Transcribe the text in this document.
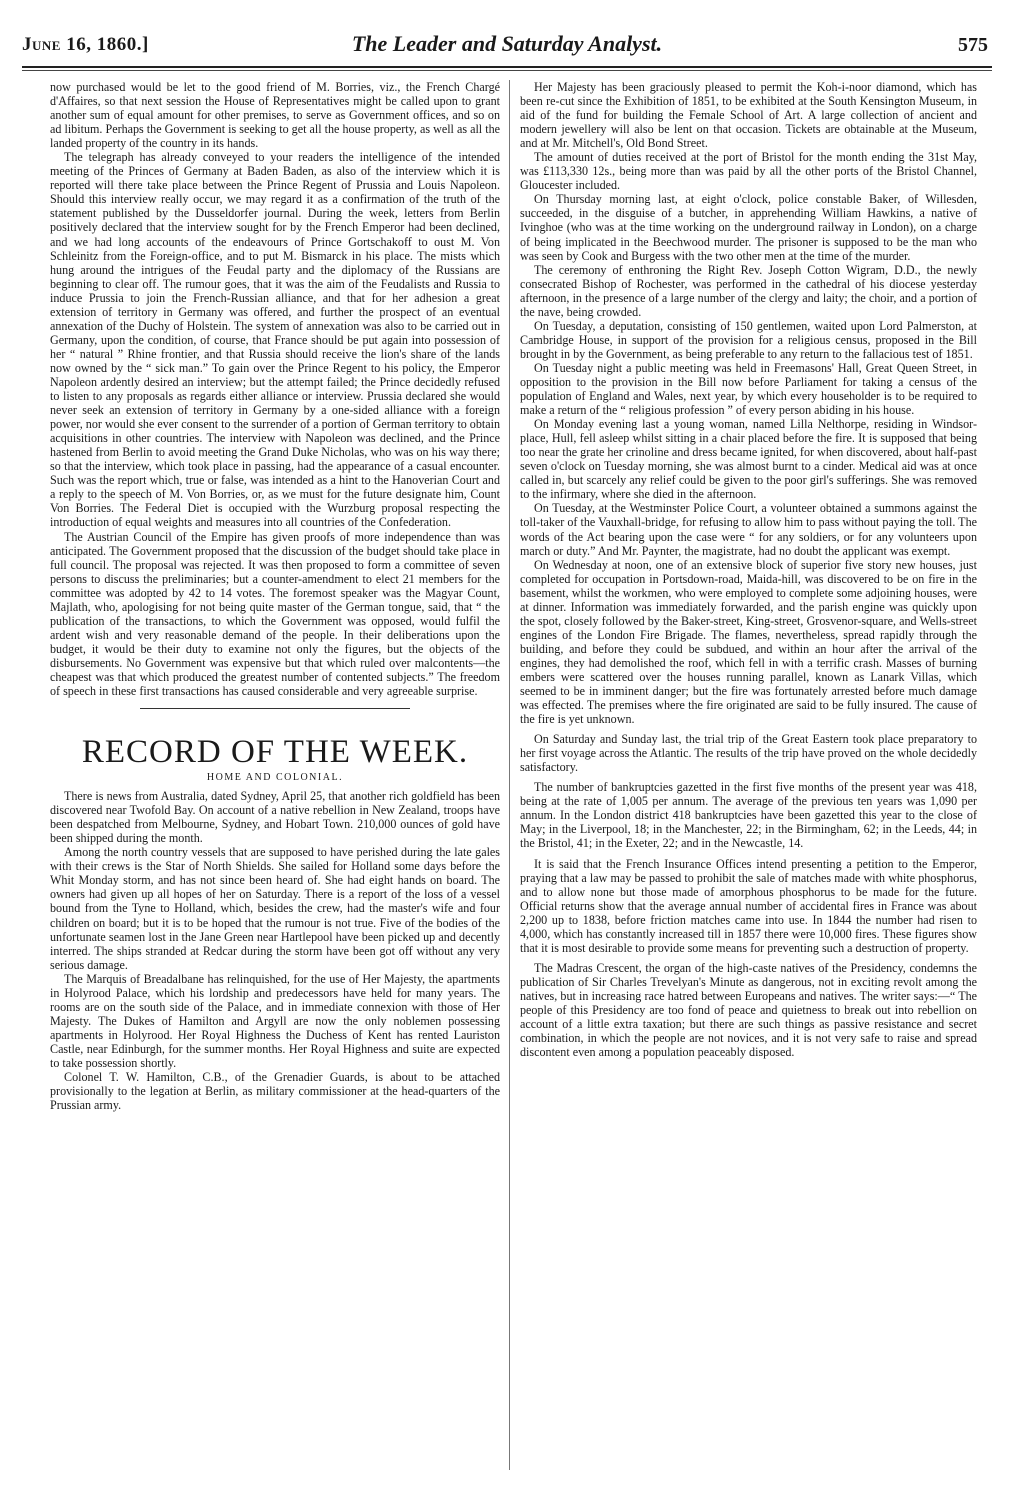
June 16, 1860.]	The Leader and Saturday Analyst.	575

now purchased would be let to the good friend of M. Borries, viz., the French Chargé d'Affaires, so that next session the House of Representatives might be called upon to grant another sum of equal amount for other premises, to serve as Government offices, and so on ad libitum. Perhaps the Government is seeking to get all the house property, as well as all the landed property of the country in its hands.

The telegraph has already conveyed to your readers the intelligence of the intended meeting of the Princes of Germany at Baden Baden, as also of the interview which it is reported will there take place between the Prince Regent of Prussia and Louis Napoleon. Should this interview really occur, we may regard it as a confirmation of the truth of the statement published by the Dusseldorfer journal. During the week, letters from Berlin positively declared that the interview sought for by the French Emperor had been declined, and we had long accounts of the endeavours of Prince Gortschakoff to oust M. Von Schleinitz from the Foreign-office, and to put M. Bismarck in his place. The mists which hung around the intrigues of the Feudal party and the diplomacy of the Russians are beginning to clear off. The rumour goes, that it was the aim of the Feudalists and Russia to induce Prussia to join the French-Russian alliance, and that for her adhesion a great extension of territory in Germany was offered, and further the prospect of an eventual annexation of the Duchy of Holstein. The system of annexation was also to be carried out in Germany, upon the condition, of course, that France should be put again into possession of her “ natural ” Rhine frontier, and that Russia should receive the lion's share of the lands now owned by the “ sick man.” To gain over the Prince Regent to his policy, the Emperor Napoleon ardently desired an interview; but the attempt failed; the Prince decidedly refused to listen to any proposals as regards either alliance or interview. Prussia declared she would never seek an extension of territory in Germany by a one-sided alliance with a foreign power, nor would she ever consent to the surrender of a portion of German territory to obtain acquisitions in other countries. The interview with Napoleon was declined, and the Prince hastened from Berlin to avoid meeting the Grand Duke Nicholas, who was on his way there; so that the interview, which took place in passing, had the appearance of a casual encounter. Such was the report which, true or false, was intended as a hint to the Hanoverian Court and a reply to the speech of M. Von Borries, or, as we must for the future designate him, Count Von Borries. The Federal Diet is occupied with the Wurzburg proposal respecting the introduction of equal weights and measures into all countries of the Confederation.

The Austrian Council of the Empire has given proofs of more independence than was anticipated. The Government proposed that the discussion of the budget should take place in full council. The proposal was rejected. It was then proposed to form a committee of seven persons to discuss the preliminaries; but a counter-amendment to elect 21 members for the committee was adopted by 42 to 14 votes. The foremost speaker was the Magyar Count, Majlath, who, apologising for not being quite master of the German tongue, said, that “ the publication of the transactions, to which the Government was opposed, would fulfil the ardent wish and very reasonable demand of the people. In their deliberations upon the budget, it would be their duty to examine not only the figures, but the objects of the disbursements. No Government was expensive but that which ruled over malcontents—the cheapest was that which produced the greatest number of contented subjects.” The freedom of speech in these first transactions has caused considerable and very agreeable surprise.

RECORD OF THE WEEK.
HOME AND COLONIAL.

There is news from Australia, dated Sydney, April 25, that another rich goldfield has been discovered near Twofold Bay. On account of a native rebellion in New Zealand, troops have been despatched from Melbourne, Sydney, and Hobart Town. 210,000 ounces of gold have been shipped during the month.

Among the north country vessels that are supposed to have perished during the late gales with their crews is the Star of North Shields. She sailed for Holland some days before the Whit Monday storm, and has not since been heard of. She had eight hands on board. The owners had given up all hopes of her on Saturday. There is a report of the loss of a vessel bound from the Tyne to Holland, which, besides the crew, had the master's wife and four children on board; but it is to be hoped that the rumour is not true. Five of the bodies of the unfortunate seamen lost in the Jane Green near Hartlepool have been picked up and decently interred. The ships stranded at Redcar during the storm have been got off without any very serious damage.

The Marquis of Breadalbane has relinquished, for the use of Her Majesty, the apartments in Holyrood Palace, which his lordship and predecessors have held for many years. The rooms are on the south side of the Palace, and in immediate connexion with those of Her Majesty. The Dukes of Hamilton and Argyll are now the only noblemen possessing apartments in Holyrood. Her Royal Highness the Duchess of Kent has rented Lauriston Castle, near Edinburgh, for the summer months. Her Royal Highness and suite are expected to take possession shortly.

Colonel T. W. Hamilton, C.B., of the Grenadier Guards, is about to be attached provisionally to the legation at Berlin, as military commissioner at the head-quarters of the Prussian army.

Her Majesty has been graciously pleased to permit the Koh-i-noor diamond, which has been re-cut since the Exhibition of 1851, to be exhibited at the South Kensington Museum, in aid of the fund for building the Female School of Art. A large collection of ancient and modern jewellery will also be lent on that occasion. Tickets are obtainable at the Museum, and at Mr. Mitchell's, Old Bond Street.

The amount of duties received at the port of Bristol for the month ending the 31st May, was £113,330 12s., being more than was paid by all the other ports of the Bristol Channel, Gloucester included.

On Thursday morning last, at eight o'clock, police constable Baker, of Willesden, succeeded, in the disguise of a butcher, in apprehending William Hawkins, a native of Ivinghoe (who was at the time working on the underground railway in London), on a charge of being implicated in the Beechwood murder. The prisoner is supposed to be the man who was seen by Cook and Burgess with the two other men at the time of the murder.

The ceremony of enthroning the Right Rev. Joseph Cotton Wigram, D.D., the newly consecrated Bishop of Rochester, was performed in the cathedral of his diocese yesterday afternoon, in the presence of a large number of the clergy and laity; the choir, and a portion of the nave, being crowded.

On Tuesday, a deputation, consisting of 150 gentlemen, waited upon Lord Palmerston, at Cambridge House, in support of the provision for a religious census, proposed in the Bill brought in by the Government, as being preferable to any return to the fallacious test of 1851.

On Tuesday night a public meeting was held in Freemasons' Hall, Great Queen Street, in opposition to the provision in the Bill now before Parliament for taking a census of the population of England and Wales, next year, by which every householder is to be required to make a return of the “ religious profession ” of every person abiding in his house.

On Monday evening last a young woman, named Lilla Nelthorpe, residing in Windsor-place, Hull, fell asleep whilst sitting in a chair placed before the fire. It is supposed that being too near the grate her crinoline and dress became ignited, for when discovered, about half-past seven o'clock on Tuesday morning, she was almost burnt to a cinder. Medical aid was at once called in, but scarcely any relief could be given to the poor girl's sufferings. She was removed to the infirmary, where she died in the afternoon.

On Tuesday, at the Westminster Police Court, a volunteer obtained a summons against the toll-taker of the Vauxhall-bridge, for refusing to allow him to pass without paying the toll. The words of the Act bearing upon the case were “ for any soldiers, or for any volunteers upon march or duty.” And Mr. Paynter, the magistrate, had no doubt the applicant was exempt.

On Wednesday at noon, one of an extensive block of superior five story new houses, just completed for occupation in Portsdown-road, Maida-hill, was discovered to be on fire in the basement, whilst the workmen, who were employed to complete some adjoining houses, were at dinner. Information was immediately forwarded, and the parish engine was quickly upon the spot, closely followed by the Baker-street, King-street, Grosvenor-square, and Wells-street engines of the London Fire Brigade. The flames, nevertheless, spread rapidly through the building, and before they could be subdued, and within an hour after the arrival of the engines, they had demolished the roof, which fell in with a terrific crash. Masses of burning embers were scattered over the houses running parallel, known as Lanark Villas, which seemed to be in imminent danger; but the fire was fortunately arrested before much damage was effected. The premises where the fire originated are said to be fully insured. The cause of the fire is yet unknown.

On Saturday and Sunday last, the trial trip of the Great Eastern took place preparatory to her first voyage across the Atlantic. The results of the trip have proved on the whole decidedly satisfactory.

The number of bankruptcies gazetted in the first five months of the present year was 418, being at the rate of 1,005 per annum. The average of the previous ten years was 1,090 per annum. In the London district 418 bankruptcies have been gazetted this year to the close of May; in the Liverpool, 18; in the Manchester, 22; in the Birmingham, 62; in the Leeds, 44; in the Bristol, 41; in the Exeter, 22; and in the Newcastle, 14.

It is said that the French Insurance Offices intend presenting a petition to the Emperor, praying that a law may be passed to prohibit the sale of matches made with white phosphorus, and to allow none but those made of amorphous phosphorus to be made for the future. Official returns show that the average annual number of accidental fires in France was about 2,200 up to 1838, before friction matches came into use. In 1844 the number had risen to 4,000, which has constantly increased till in 1857 there were 10,000 fires. These figures show that it is most desirable to provide some means for preventing such a destruction of property.

The Madras Crescent, the organ of the high-caste natives of the Presidency, condemns the publication of Sir Charles Trevelyan's Minute as dangerous, not in exciting revolt among the natives, but in increasing race hatred between Europeans and natives. The writer says:—“ The people of this Presidency are too fond of peace and quietness to break out into rebellion on account of a little extra taxation; but there are such things as passive resistance and secret combination, in which the people are not novices, and it is not very safe to raise and spread discontent even among a population peaceably disposed.
